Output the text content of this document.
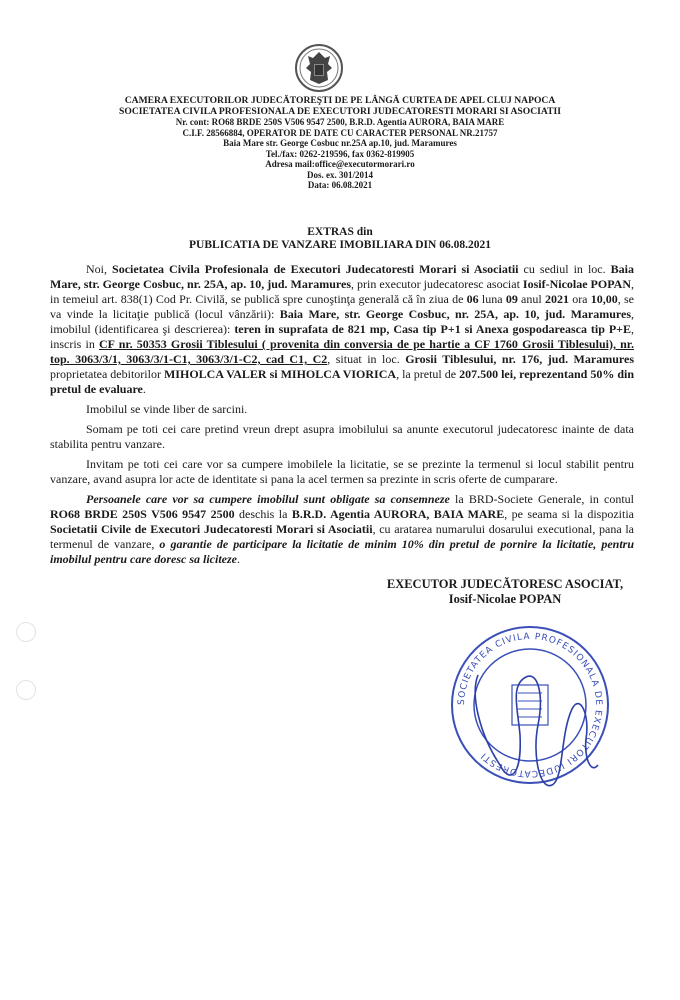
CAMERA EXECUTORILOR JUDECĂTOREŞTI DE PE LÂNGĂ CURTEA DE APEL CLUJ NAPOCA
SOCIETATEA CIVILA PROFESIONALA DE EXECUTORI JUDECATORESTI MORARI SI ASOCIATII
Nr. cont: RO68 BRDE 250S V506 9547 2500, B.R.D. Agentia AURORA, BAIA MARE
C.I.F. 28566884, OPERATOR DE DATE CU CARACTER PERSONAL NR.21757
Baia Mare str. George Cosbuc nr.25A ap.10, jud. Maramures
Tel./fax: 0262-219596, fax 0362-819905
Adresa mail:office@executormorari.ro
Dos. ex. 301/2014
Data: 06.08.2021
EXTRAS din
PUBLICATIA DE VANZARE IMOBILIARA DIN 06.08.2021

Noi, Societatea Civila Profesionala de Executori Judecatoresti Morari si Asociatii cu sediul in loc. Baia Mare, str. George Cosbuc, nr. 25A, ap. 10, jud. Maramures, prin executor judecatoresc asociat Iosif-Nicolae POPAN, in temeiul art. 838(1) Cod Pr. Civilă, se publică spre cunoştinţa generală că în ziua de 06 luna 09 anul 2021 ora 10,00, se va vinde la licitaţie publică (locul vânzării): Baia Mare, str. George Cosbuc, nr. 25A, ap. 10, jud. Maramures, imobilul (identificarea şi descrierea): teren in suprafata de 821 mp, Casa tip P+1 si Anexa gospodareasca tip P+E, inscris in CF nr. 50353 Grosii Tiblesului ( provenita din conversia de pe hartie a CF 1760 Grosii Tiblesului), nr. top. 3063/3/1, 3063/3/1-C1, 3063/3/1-C2, cad C1, C2, situat in loc. Grosii Tiblesului, nr. 176, jud. Maramures proprietatea debitorilor MIHOLCA VALER si MIHOLCA VIORICA, la pretul de 207.500 lei, reprezentand 50% din pretul de evaluare.

Imobilul se vinde liber de sarcini.

Somam pe toti cei care pretind vreun drept asupra imobilului sa anunte executorul judecatoresc inainte de data stabilita pentru vanzare.

Invitam pe toti cei care vor sa cumpere imobilele la licitatie, se se prezinte la termenul si locul stabilit pentru vanzare, avand asupra lor acte de identitate si pana la acel termen sa prezinte in scris oferte de cumparare.

Persoanele care vor sa cumpere imobilul sunt obligate sa consemneze la BRD-Societe Generale, in contul RO68 BRDE 250S V506 9547 2500 deschis la B.R.D. Agentia AURORA, BAIA MARE, pe seama si la dispozitia Societatii Civile de Executori Judecatoresti Morari si Asociatii, cu aratarea numarului dosarului executional, pana la termenul de vanzare, o garantie de participare la licitatie de minim 10% din pretul de pornire la licitatie, pentru imobilul pentru care doresc sa liciteze.

EXECUTOR JUDECĂTORESC ASOCIAT,
Iosif-Nicolae POPAN
SOCIETATEA CIVILA PROFESIONALA DE EXECUTORI JUDECATORESTI
